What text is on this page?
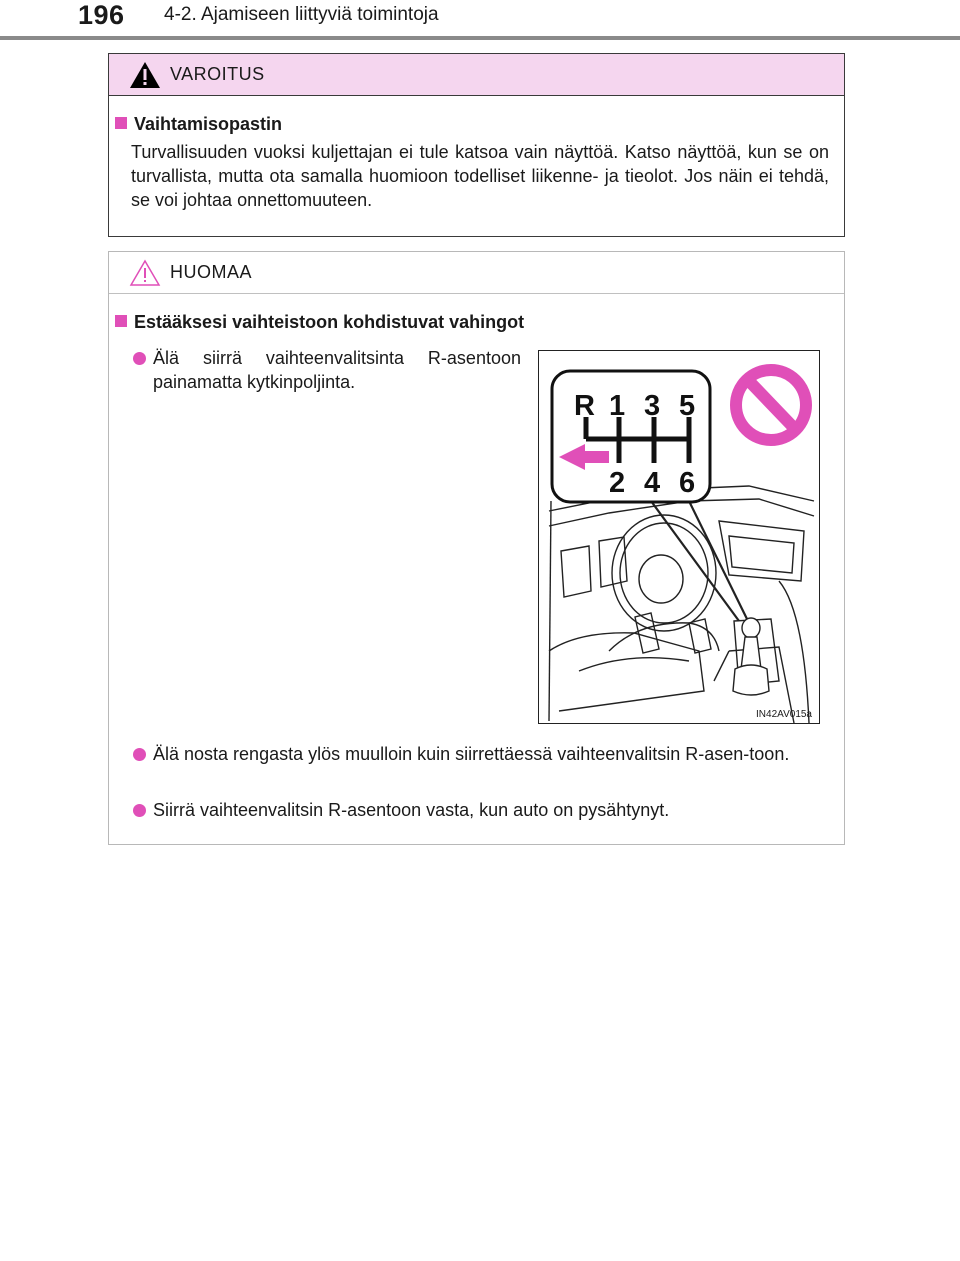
196 4-2. Ajamiseen liittyviä toimintoja
VAROITUS
Vaihtamisopastin
Turvallisuuden vuoksi kuljettajan ei tule katsoa vain näyttöä. Katso näyttöä, kun se on turvallista, mutta ota samalla huomioon todelliset liikenne- ja tieolot. Jos näin ei tehdä, se voi johtaa onnettomuuteen.
HUOMAA
Estääksesi vaihteistoon kohdistuvat vahingot
Älä siirrä vaihteenvalitsinta R-asentoon painamatta kytkinpoljinta.
Älä nosta rengasta ylös muulloin kuin siirrettäessä vaihteenvalitsin R-asen-toon.
Siirrä vaihteenvalitsin R-asentoon vasta, kun auto on pysähtynyt.
R 1 3 5
2 4 6
IN42AV015a
